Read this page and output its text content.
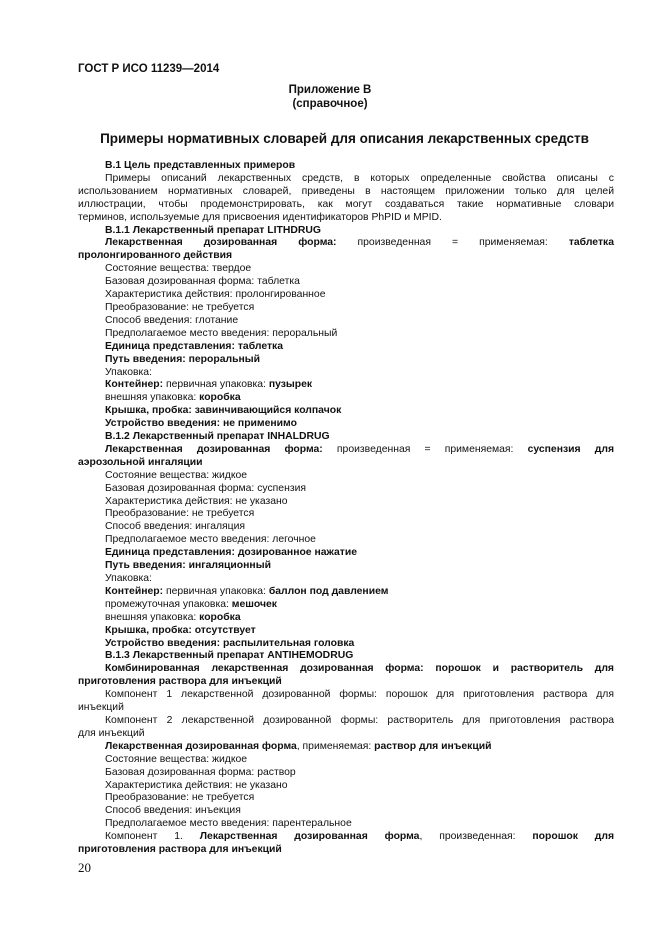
ГОСТ Р ИСО 11239—2014
Приложение В
(справочное)
Примеры нормативных словарей для описания лекарственных средств

В.1 Цель представленных примеров

Примеры описаний лекарственных средств, в которых определенные свойства описаны с

использованием нормативных словарей, приведены в настоящем приложении только для целей

иллюстрации, чтобы продемонстрировать, как могут создаваться такие нормативные словари

терминов, используемые для присвоения идентификаторов PhPID и MPID.

В.1.1 Лекарственный препарат LITHDRUG

Лекарственная дозированная форма: произведенная = применяемая: таблетка

пролонгированного действия

Состояние вещества: твердое

Базовая дозированная форма: таблетка

Характеристика действия: пролонгированное

Преобразование: не требуется

Способ введения: глотание

Предполагаемое место введения: пероральный

Единица представления: таблетка

Путь введения: пероральный

Упаковка:

Контейнер: первичная упаковка: пузырек

внешняя упаковка: коробка

Крышка, пробка: завинчивающийся колпачок

Устройство введения: не применимо

В.1.2 Лекарственный препарат INHALDRUG

Лекарственная дозированная форма: произведенная = применяемая: суспензия для

аэрозольной ингаляции

Состояние вещества: жидкое

Базовая дозированная форма: суспензия

Характеристика действия: не указано

Преобразование: не требуется

Способ введения: ингаляция

Предполагаемое место введения: легочное

Единица представления: дозированное нажатие

Путь введения: ингаляционный

Упаковка:

Контейнер: первичная упаковка: баллон под давлением

промежуточная упаковка: мешочек

внешняя упаковка: коробка

Крышка, пробка: отсутствует

Устройство введения: распылительная головка

В.1.3 Лекарственный препарат ANTIHEMODRUG

Комбинированная лекарственная дозированная форма: порошок и растворитель для

приготовления раствора для инъекций

Компонент 1 лекарственной дозированной формы: порошок для приготовления раствора для

инъекций

Компонент 2 лекарственной дозированной формы: растворитель для приготовления раствора

для инъекций

Лекарственная дозированная форма, применяемая: раствор для инъекций

Состояние вещества: жидкое

Базовая дозированная форма: раствор

Характеристика действия: не указано

Преобразование: не требуется

Способ введения: инъекция

Предполагаемое место введения: парентеральное

Компонент 1. Лекарственная дозированная форма, произведенная: порошок для

приготовления раствора для инъекций

20
